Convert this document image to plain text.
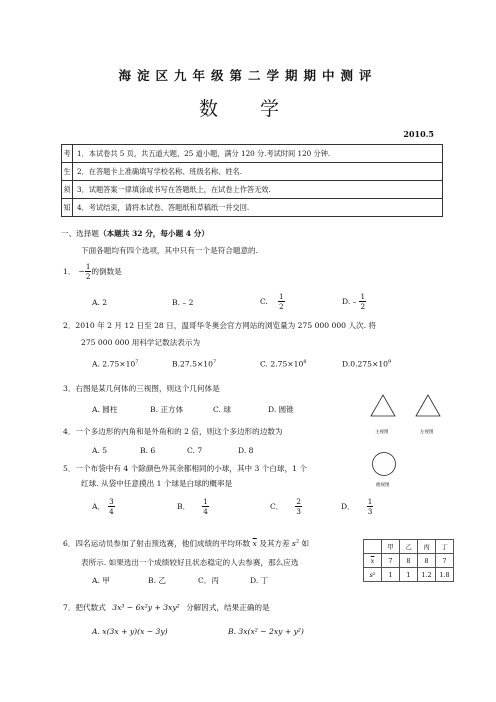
海淀区九年级第二学期期中测评
数 学
2010.5
考	1．本试卷共 5 页，共五道大题，25 道小题，满分 120 分.考试时间 120 分钟.
生	2．在答题卡上准确填写学校名称、班级名称、姓名.
须	3．试题答案一律填涂或书写在答题纸上，在试卷上作答无效.
知	4．考试结束，请将本试卷、答题纸和草稿纸一并交回.
一、选择题（本题共 32 分，每小题 4 分）
下面各题均有四个选项，其中只有一个是符合题意的.
1． − $\frac{1}{2}$ 的倒数是
A. 2	B. – 2	C. $\frac{1}{2}$	D. – $\frac{1}{2}$
2．2010 年 2 月 12 日至 28 日，温哥华冬奥会官方网站的浏览量为 275 000 000 人次. 将
275 000 000 用科学记数法表示为
A. $2.75\times 10^7$	$B.27.5\times 10^7$	C. $2.75\times 10^8$	$D.0.275\times 10^9$
3．右图是某几何体的三视图，则这个几何体是
A. 圆柱	B. 正方体	C. 球	D. 圆锥
主视图	左视图
俯视图
4．一个多边形的内角和是外角和的 2 倍，则这个多边形的边数为
A. 5	B. 6	C. 7	D. 8
5．一个布袋中有 4 个除颜色外其余都相同的小球，其中 3 个白球，1 个
红球. 从袋中任意摸出 1 个球是白球的概率是
A． $\frac{3}{4}$	B． $\frac{1}{4}$	C． $\frac{2}{3}$	D． $\frac{1}{3}$
6．四名运动员参加了射击预选赛，他们成绩的平均环数 $\overline{x}$ 及其方差 $s^2$ 如
表所示. 如果选出一个成绩较好且状态稳定的人去参赛，那么应选
A. 甲	B. 乙	C．丙	D. 丁
	甲	乙	丙	丁
$\overline{x}$	7	8	8	7
s²	1	1	1.2	1.8
7．把代数式 3x³ − 6x²y + 3xy² 分解因式，结果正确的是
A. x(3x + y)(x − 3y)	B. 3x(x² − 2xy + y²)
